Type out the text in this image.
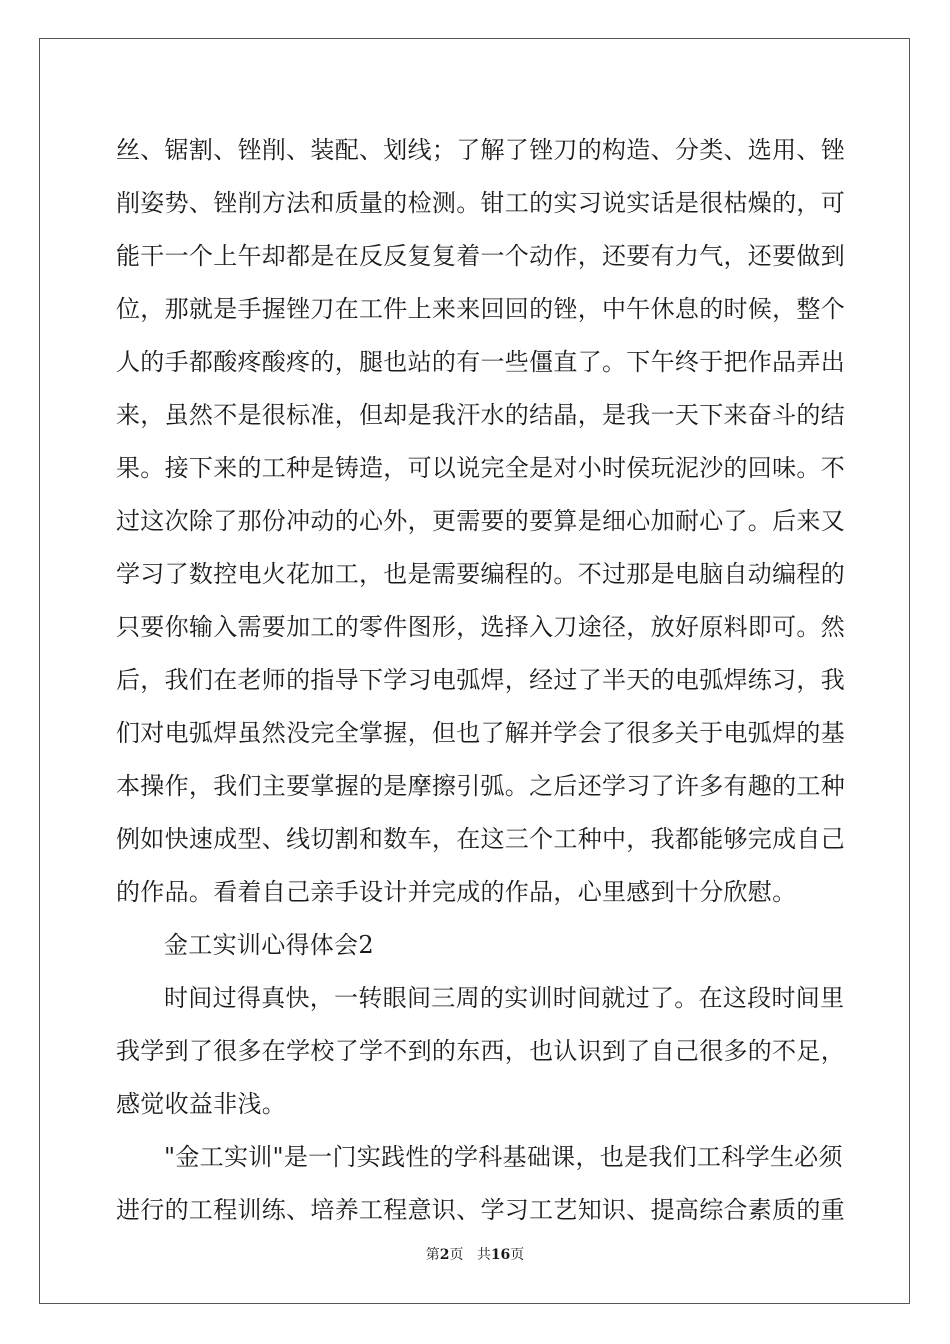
丝、锯割、锉削、装配、划线；了解了锉刀的构造、分类、选用、锉
削姿势、锉削方法和质量的检测。钳工的实习说实话是很枯燥的，可
能干一个上午却都是在反反复复着一个动作，还要有力气，还要做到
位，那就是手握锉刀在工件上来来回回的锉，中午休息的时候，整个
人的手都酸疼酸疼的，腿也站的有一些僵直了。下午终于把作品弄出
来，虽然不是很标准，但却是我汗水的结晶，是我一天下来奋斗的结
果。接下来的工种是铸造，可以说完全是对小时侯玩泥沙的回味。不
过这次除了那份冲动的心外，更需要的要算是细心加耐心了。后来又
学习了数控电火花加工，也是需要编程的。不过那是电脑自动编程的
只要你输入需要加工的零件图形，选择入刀途径，放好原料即可。然
后，我们在老师的指导下学习电弧焊，经过了半天的电弧焊练习，我
们对电弧焊虽然没完全掌握，但也了解并学会了很多关于电弧焊的基
本操作，我们主要掌握的是摩擦引弧。之后还学习了许多有趣的工种
例如快速成型、线切割和数车，在这三个工种中，我都能够完成自己
的作品。看着自己亲手设计并完成的作品，心里感到十分欣慰。
金工实训心得体会2
时间过得真快，一转眼间三周的实训时间就过了。在这段时间里
我学到了很多在学校了学不到的东西，也认识到了自己很多的不足，
感觉收益非浅。
"金工实训"是一门实践性的学科基础课，也是我们工科学生必须
进行的工程训练、培养工程意识、学习工艺知识、提高综合素质的重
第2页 共16页
